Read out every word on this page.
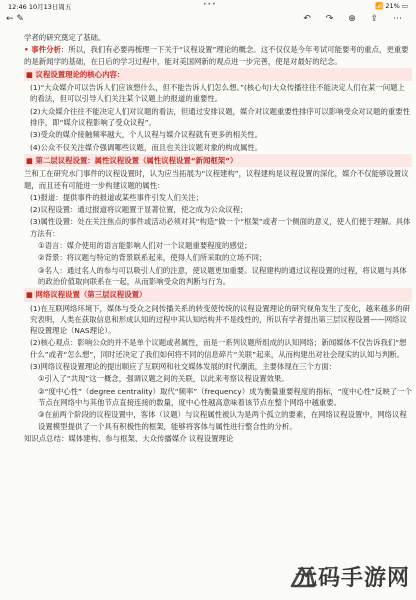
12:46 10月13日周五	•••	📶 21% ▭
← ✎	↶ ↷ ⊕ ⇪ ⋯

学者的研究奠定了基础。

• 事件分析：所以，我们有必要再梳理一下关于“议程设置”理论的概念。这不仅仅是今年考试可能要考的重点，更重要的是新闻学的基础，在日后的学习过程中，能对美国网新的观点进一步完善，使是对最好的纪念。

■ 议程设置理论的核心内容：

(1)“大众媒介可以告诉人们应该想什么，但不能告诉人们怎么想。”(核心句)大众传播往往不能决定人们在某一问题上的看法，但可以引导人们关注某个议题上的报道的重要性。

(2)大众媒介往往不能决定人们对议题的看法，但通过安排议题，媒介对议题重要性排序可以影响受众对议题的重要性排序，即“媒介议程影响了受众议程”。

(3)受众的媒介接触频率越大，个人议程与媒介议程就有更多的相关性。

(4)公众不仅关注媒介强调哪些议题，而且也关注议题对象的构成属性。

■ 第二层议程设置：属性议程设置（属性议程设置“新闻框架”）

兰和工在研究水门事件的议程设置时，认为应当拓展为“议程建构”，议程建构是议程设置的深化，媒介不仅能够设置议题，而且还有可能进一步构建议题的属性：

(1)报道：提供事件的报道或某些事件引发人们关注；

(2)议程设置：通过报道将议题置于显著位置，使之成为公众议程；

(3)属性设置：处在关注焦点的事件或活动必须对其“构造”做一个“框架”或者一个侧面的意义，使人们便于理解。具体方法有：

①语言：媒介使用的语言能影响人们对一个议题重要程度的感觉；

②背景：将议题与特定的背景联系起来，使得人们所采取的立场不同；

③名人：通过名人的参与可以吸引人们的注意，使议题更加重要。议程建构的通过议程设置的过程，将议题与具体的政治价值取向联系在一起，从而影响受众的判断与行为。

■ 网络议程设置（第三层议程设置）

(1)在互联网络环境下，媒体与受众之间传播关系的转变使传统的议程设置理论的研究视角发生了变化，越来越多的研究表明，人类在获取信息和形成认知的过程中其认知结构并不是线性的，所以有学者提出第三层议程设置——网络议程设置理论（NAS理论）。

(2)核心观点：影响公众的并不是单个议题或者属性，而是一系列议题所组成的认知网络；新闻媒体不仅告诉我们“想什么”或者“怎么想”，同时还决定了我们如何将不同的信息碎片“关联”起来，从而构建出对社会现实的认知与判断。

(3)网络议程设置理论的提出顺应了互联网和社交媒体发展的时代潮流，主要体现在三个方面：

①引入了“共现”这一概念，强调议题之间的关联，以此来考察议程设置效果。

②“度中心性”（degree centrality）取代“频率”（frequency）成为衡量重要程度的指标，“度中心性”反映了一个节点在网络中与其他节点直接连接的数量，度中心性越高意味着该节点在整个网络中越重要。

③在前两个阶段的议程设置中，客体（议题）与议程属性被认为是两个孤立的要素，在网络议程设置中，网络议程设置模型提供了一个具有积极性的框架，能够将客体与属性进行整合性的分析。

知识点总结：媒体建构、参与框架、大众传播媒介 议程设置理论

元码手游网
